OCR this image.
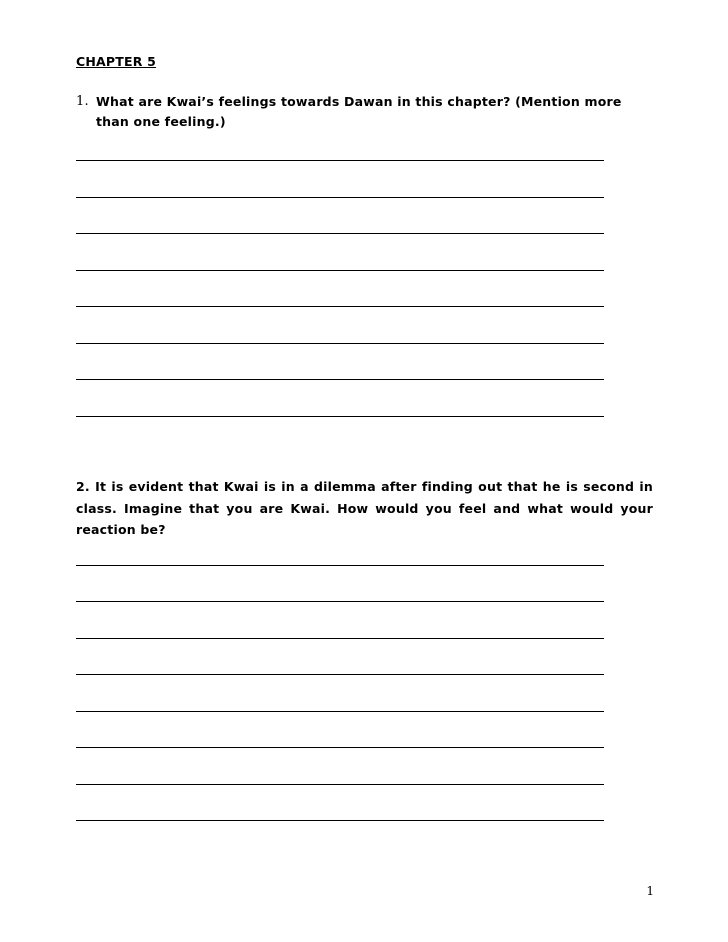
CHAPTER 5
1. What are Kwai’s feelings towards Dawan in this chapter? (Mention more than one feeling.)
2. It is evident that Kwai is in a dilemma after finding out that he is second in class. Imagine that you are Kwai. How would you feel and what would your reaction be?
1
